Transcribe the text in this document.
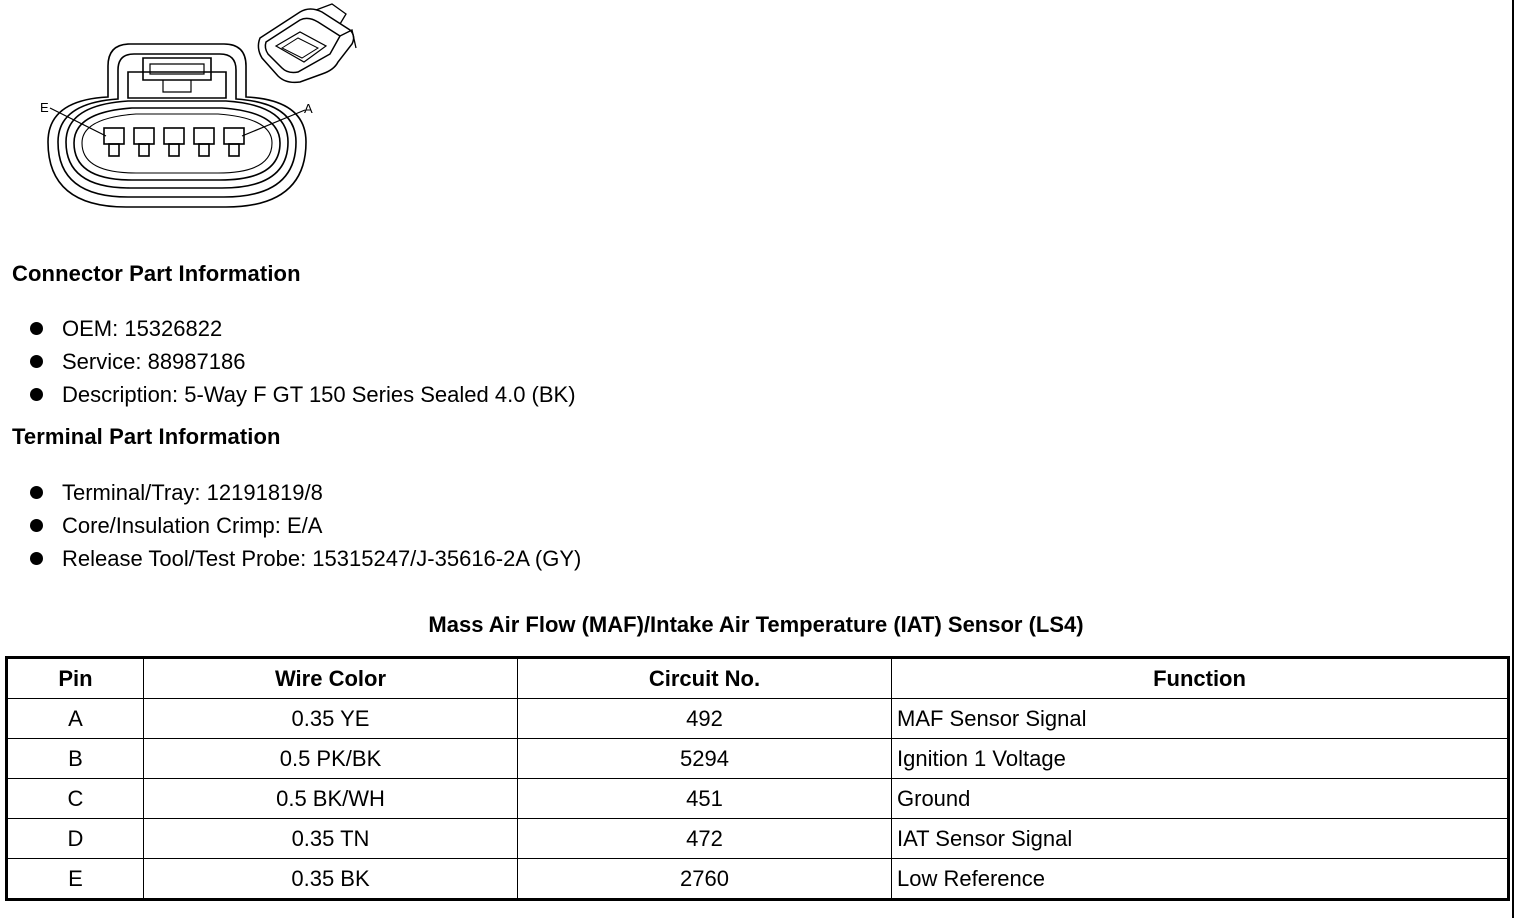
E	A
Connector Part Information
OEM: 15326822
Service: 88987186
Description: 5-Way F GT 150 Series Sealed 4.0 (BK)
Terminal Part Information
Terminal/Tray: 12191819/8
Core/Insulation Crimp: E/A
Release Tool/Test Probe: 15315247/J-35616-2A (GY)
Mass Air Flow (MAF)/Intake Air Temperature (IAT) Sensor (LS4)
Pin	Wire Color	Circuit No.	Function
A	0.35 YE	492	MAF Sensor Signal
B	0.5 PK/BK	5294	Ignition 1 Voltage
C	0.5 BK/WH	451	Ground
D	0.35 TN	472	IAT Sensor Signal
E	0.35 BK	2760	Low Reference
